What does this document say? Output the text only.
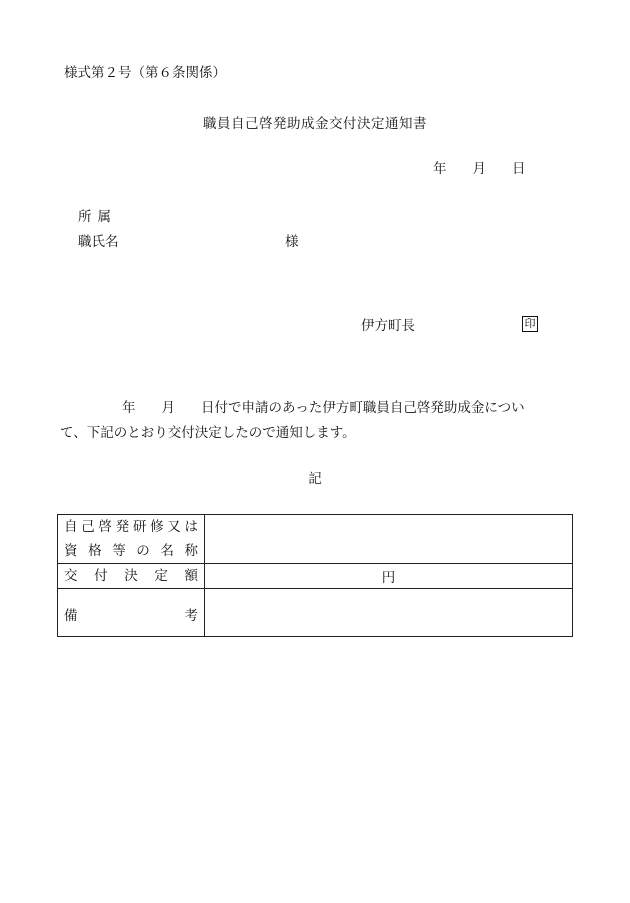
様式第２号（第６条関係）
職員自己啓発助成金交付決定通知書
年 月 日
所属
職氏名	様
伊方町長	印
年 月 日付で申請のあった伊方町職員自己啓発助成金につい
て、下記のとおり交付決定したので通知します。
記
自己啓発研修又は
資格等の名称	

交付決定額	円

備考	
